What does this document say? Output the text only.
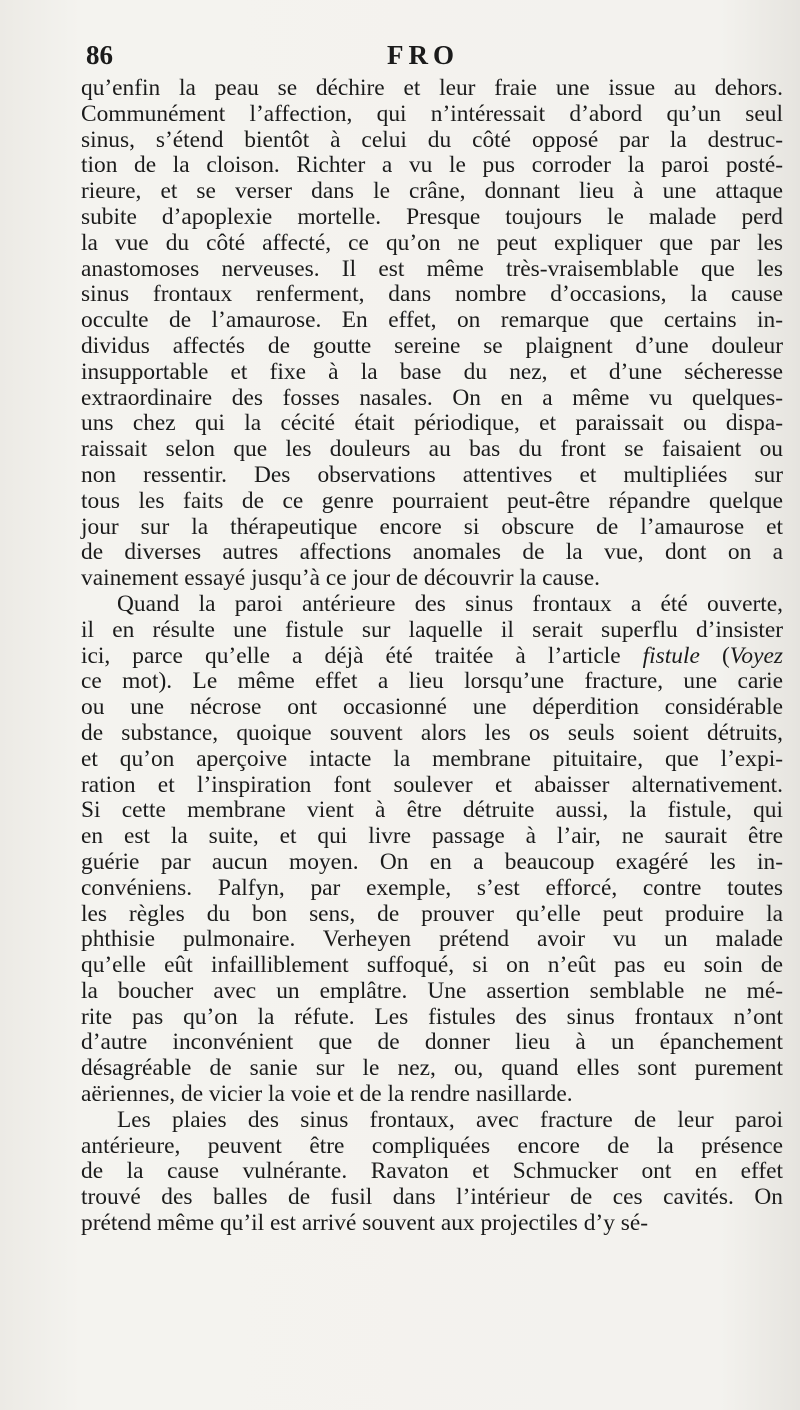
86	FRO
qu’enfin la peau se déchire et leur fraie une issue au dehors.
Communément l’affection, qui n’intéressait d’abord qu’un seul
sinus, s’étend bientôt à celui du côté opposé par la destruc-
tion de la cloison. Richter a vu le pus corroder la paroi posté-
rieure, et se verser dans le crâne, donnant lieu à une attaque
subite d’apoplexie mortelle. Presque toujours le malade perd
la vue du côté affecté, ce qu’on ne peut expliquer que par les
anastomoses nerveuses. Il est même très-vraisemblable que les
sinus frontaux renferment, dans nombre d’occasions, la cause
occulte de l’amaurose. En effet, on remarque que certains in-
dividus affectés de goutte sereine se plaignent d’une douleur
insupportable et fixe à la base du nez, et d’une sécheresse
extraordinaire des fosses nasales. On en a même vu quelques-
uns chez qui la cécité était périodique, et paraissait ou dispa-
raissait selon que les douleurs au bas du front se faisaient ou
non ressentir. Des observations attentives et multipliées sur
tous les faits de ce genre pourraient peut-être répandre quelque
jour sur la thérapeutique encore si obscure de l’amaurose et
de diverses autres affections anomales de la vue, dont on a
vainement essayé jusqu’à ce jour de découvrir la cause.
Quand la paroi antérieure des sinus frontaux a été ouverte,
il en résulte une fistule sur laquelle il serait superflu d’insister
ici, parce qu’elle a déjà été traitée à l’article fistule (Voyez
ce mot). Le même effet a lieu lorsqu’une fracture, une carie
ou une nécrose ont occasionné une déperdition considérable
de substance, quoique souvent alors les os seuls soient détruits,
et qu’on aperçoive intacte la membrane pituitaire, que l’expi-
ration et l’inspiration font soulever et abaisser alternativement.
Si cette membrane vient à être détruite aussi, la fistule, qui
en est la suite, et qui livre passage à l’air, ne saurait être
guérie par aucun moyen. On en a beaucoup exagéré les in-
convéniens. Palfyn, par exemple, s’est efforcé, contre toutes
les règles du bon sens, de prouver qu’elle peut produire la
phthisie pulmonaire. Verheyen prétend avoir vu un malade
qu’elle eût infailliblement suffoqué, si on n’eût pas eu soin de
la boucher avec un emplâtre. Une assertion semblable ne mé-
rite pas qu’on la réfute. Les fistules des sinus frontaux n’ont
d’autre inconvénient que de donner lieu à un épanchement
désagréable de sanie sur le nez, ou, quand elles sont purement
aëriennes, de vicier la voie et de la rendre nasillarde.
Les plaies des sinus frontaux, avec fracture de leur paroi
antérieure, peuvent être compliquées encore de la présence
de la cause vulnérante. Ravaton et Schmucker ont en effet
trouvé des balles de fusil dans l’intérieur de ces cavités. On
prétend même qu’il est arrivé souvent aux projectiles d’y sé-
